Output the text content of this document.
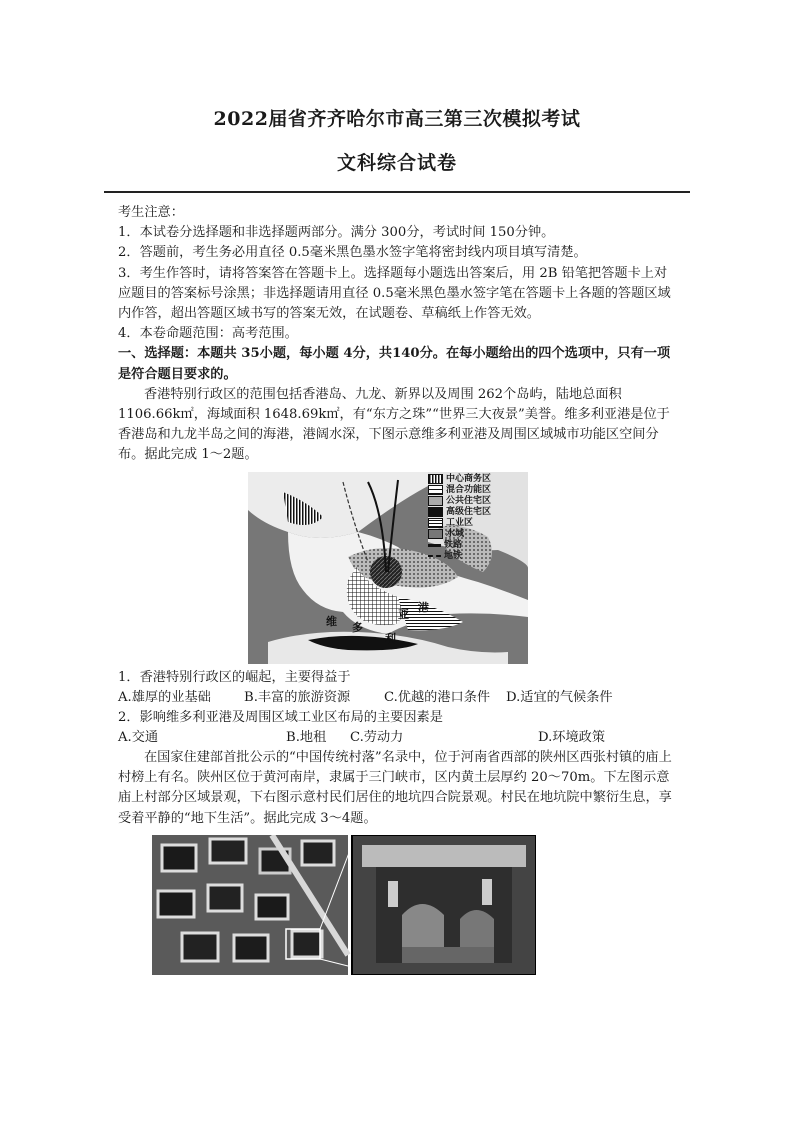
2022届省齐齐哈尔市高三第三次模拟考试
文科综合试卷

考生注意：

1．本试卷分选择题和非选择题两部分。满分 300分，考试时间 150分钟。

2．答题前，考生务必用直径 0.5毫米黑色墨水签字笔将密封线内项目填写清楚。

3．考生作答时，请将答案答在答题卡上。选择题每小题选出答案后，用 2B 铅笔把答题卡上对应题目的答案标号涂黑；非选择题请用直径 0.5毫米黑色墨水签字笔在答题卡上各题的答题区域内作答，超出答题区域书写的答案无效，在试题卷、草稿纸上作答无效。

4．本卷命题范围：高考范围。

一、选择题：本题共 35小题，每小题 4分，共140分。在每小题给出的四个选项中，只有一项是符合题目要求的。

香港特别行政区的范围包括香港岛、九龙、新界以及周围 262个岛屿，陆地总面积 1106.66k㎡，海域面积 1648.69k㎡，有“东方之珠”“世界三大夜景”美誉。维多利亚港是位于香港岛和九龙半岛之间的海港，港阔水深，下图示意维多利亚港及周围区域城市功能区空间分布。据此完成 1～2题。

维 多
利
亚
港
中心商务区
混合功能区
公共住宅区
高级住宅区
工业区
水域
铁路
地铁

1．香港特别行政区的崛起，主要得益于

A.雄厚的业基础	B.丰富的旅游资源	C.优越的港口条件 D.适宜的气候条件

2．影响维多利亚港及周围区域工业区布局的主要因素是

A.交通	B.地租 C.劳动力	D.环境政策

在国家住建部首批公示的“中国传统村落”名录中，位于河南省西部的陕州区西张村镇的庙上村榜上有名。陕州区位于黄河南岸，隶属于三门峡市，区内黄土层厚约 20～70m。下左图示意庙上村部分区域景观，下右图示意村民们居住的地坑四合院景观。村民在地坑院中繁衍生息，享受着平静的“地下生活”。据此完成 3～4题。
